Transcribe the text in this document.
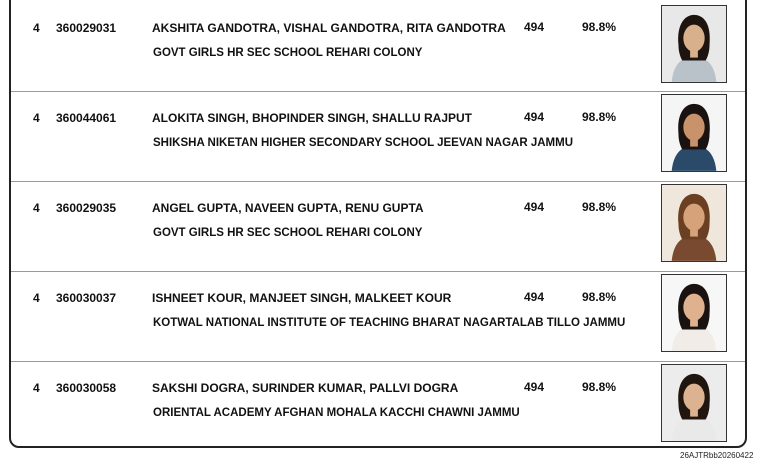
4 360029031	AKSHITA GANDOTRA, VISHAL GANDOTRA, RITA GANDOTRA
GOVT GIRLS HR SEC SCHOOL REHARI COLONY
494	98.8%
4 360044061	ALOKITA SINGH, BHOPINDER SINGH, SHALLU RAJPUT
SHIKSHA NIKETAN HIGHER SECONDARY SCHOOL JEEVAN NAGAR JAMMU
494	98.8%
4 360029035	ANGEL GUPTA, NAVEEN GUPTA, RENU GUPTA
GOVT GIRLS HR SEC SCHOOL REHARI COLONY
494	98.8%
4 360030037	ISHNEET KOUR, MANJEET SINGH, MALKEET KOUR
KOTWAL NATIONAL INSTITUTE OF TEACHING BHARAT NAGARTALAB TILLO JAMMU
494	98.8%
4 360030058	SAKSHI DOGRA, SURINDER KUMAR, PALLVI DOGRA
ORIENTAL ACADEMY AFGHAN MOHALA KACCHI CHAWNI JAMMU
494	98.8%
26AJTRbb20260422
